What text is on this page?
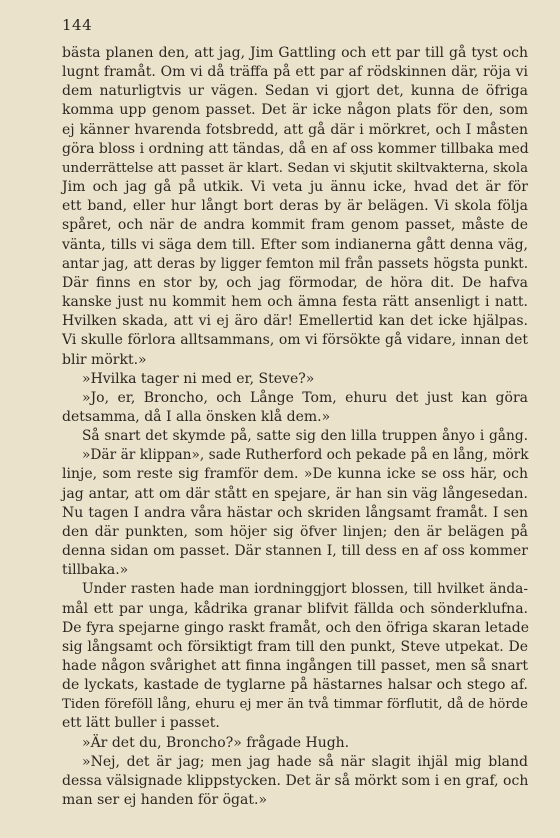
144
bästa planen den, att jag, Jim Gattling och ett par till gå tyst och
lugnt framåt. Om vi då träffa på ett par af rödskinnen där, röja vi
dem naturligtvis ur vägen. Sedan vi gjort det, kunna de öfriga
komma upp genom passet. Det är icke någon plats för den, som
ej känner hvarenda fotsbredd, att gå där i mörkret, och I måsten
göra bloss i ordning att tändas, då en af oss kommer tillbaka med
underrättelse att passet är klart. Sedan vi skjutit skiltvakterna, skola
Jim och jag gå på utkik. Vi veta ju ännu icke, hvad det är för
ett band, eller hur långt bort deras by är belägen. Vi skola följa
spåret, och när de andra kommit fram genom passet, måste de
vänta, tills vi säga dem till. Efter som indianerna gått denna väg,
antar jag, att deras by ligger femton mil från passets högsta punkt.
Där finns en stor by, och jag förmodar, de höra dit. De hafva
kanske just nu kommit hem och ämna festa rätt ansenligt i natt.
Hvilken skada, att vi ej äro där! Emellertid kan det icke hjälpas.
Vi skulle förlora alltsammans, om vi försökte gå vidare, innan det
blir mörkt.»
»Hvilka tager ni med er, Steve?»
»Jo, er, Broncho, och Långe Tom, ehuru det just kan göra
detsamma, då I alla önsken klå dem.»
Så snart det skymde på, satte sig den lilla truppen ånyo i gång.
»Där är klippan», sade Rutherford och pekade på en lång, mörk
linje, som reste sig framför dem. »De kunna icke se oss här, och
jag antar, att om där stått en spejare, är han sin väg långesedan.
Nu tagen I andra våra hästar och skriden långsamt framåt. I sen
den där punkten, som höjer sig öfver linjen; den är belägen på
denna sidan om passet. Där stannen I, till dess en af oss kommer
tillbaka.»
Under rasten hade man iordninggjort blossen, till hvilket ända-
mål ett par unga, kådrika granar blifvit fällda och sönderklufna.
De fyra spejarne gingo raskt framåt, och den öfriga skaran letade
sig långsamt och försiktigt fram till den punkt, Steve utpekat. De
hade någon svårighet att finna ingången till passet, men så snart
de lyckats, kastade de tyglarne på hästarnes halsar och stego af.
Tiden föreföll lång, ehuru ej mer än två timmar förflutit, då de hörde
ett lätt buller i passet.
»Är det du, Broncho?» frågade Hugh.
»Nej, det är jag; men jag hade så när slagit ihjäl mig bland
dessa välsignade klippstycken. Det är så mörkt som i en graf, och
man ser ej handen för ögat.»
